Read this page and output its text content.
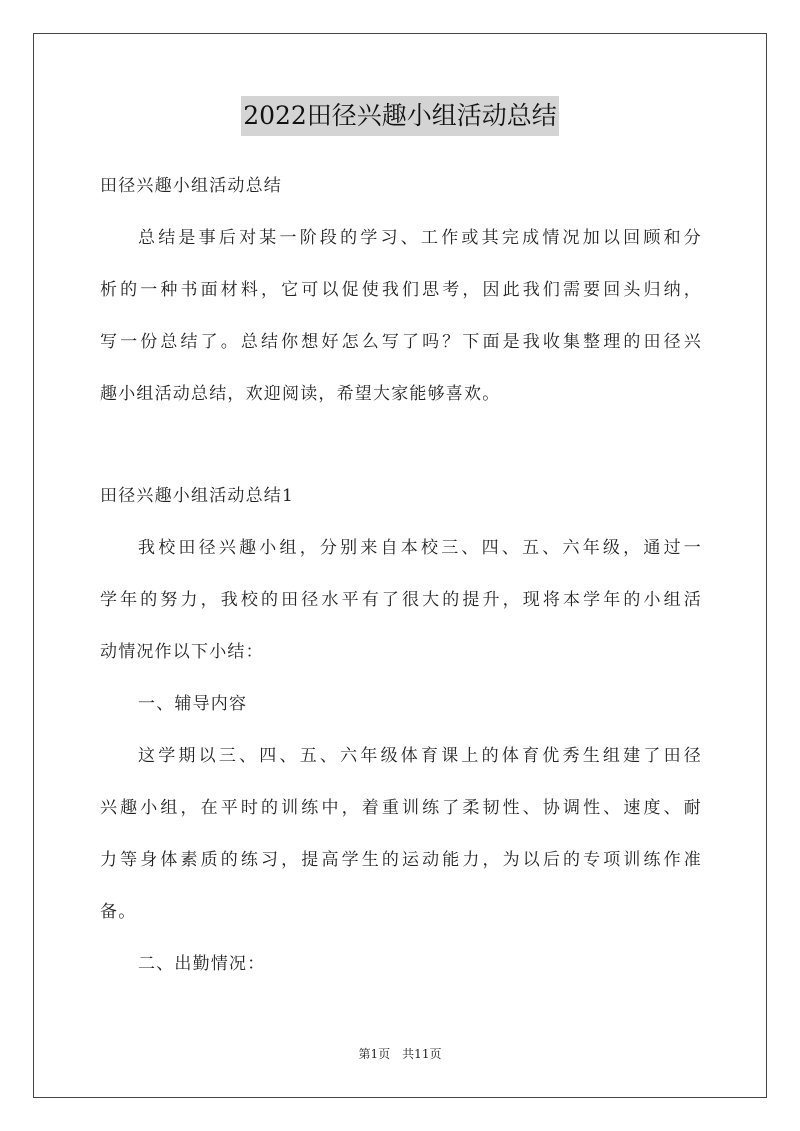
2022田径兴趣小组活动总结
田径兴趣小组活动总结
总结是事后对某一阶段的学习、工作或其完成情况加以回顾和分
析的一种书面材料，它可以促使我们思考，因此我们需要回头归纳，
写一份总结了。总结你想好怎么写了吗？下面是我收集整理的田径兴
趣小组活动总结，欢迎阅读，希望大家能够喜欢。
田径兴趣小组活动总结1
我校田径兴趣小组，分别来自本校三、四、五、六年级，通过一
学年的努力，我校的田径水平有了很大的提升，现将本学年的小组活
动情况作以下小结：
一、辅导内容
这学期以三、四、五、六年级体育课上的体育优秀生组建了田径
兴趣小组，在平时的训练中，着重训练了柔韧性、协调性、速度、耐
力等身体素质的练习，提高学生的运动能力，为以后的专项训练作准
备。
二、出勤情况：
第1页　共11页
